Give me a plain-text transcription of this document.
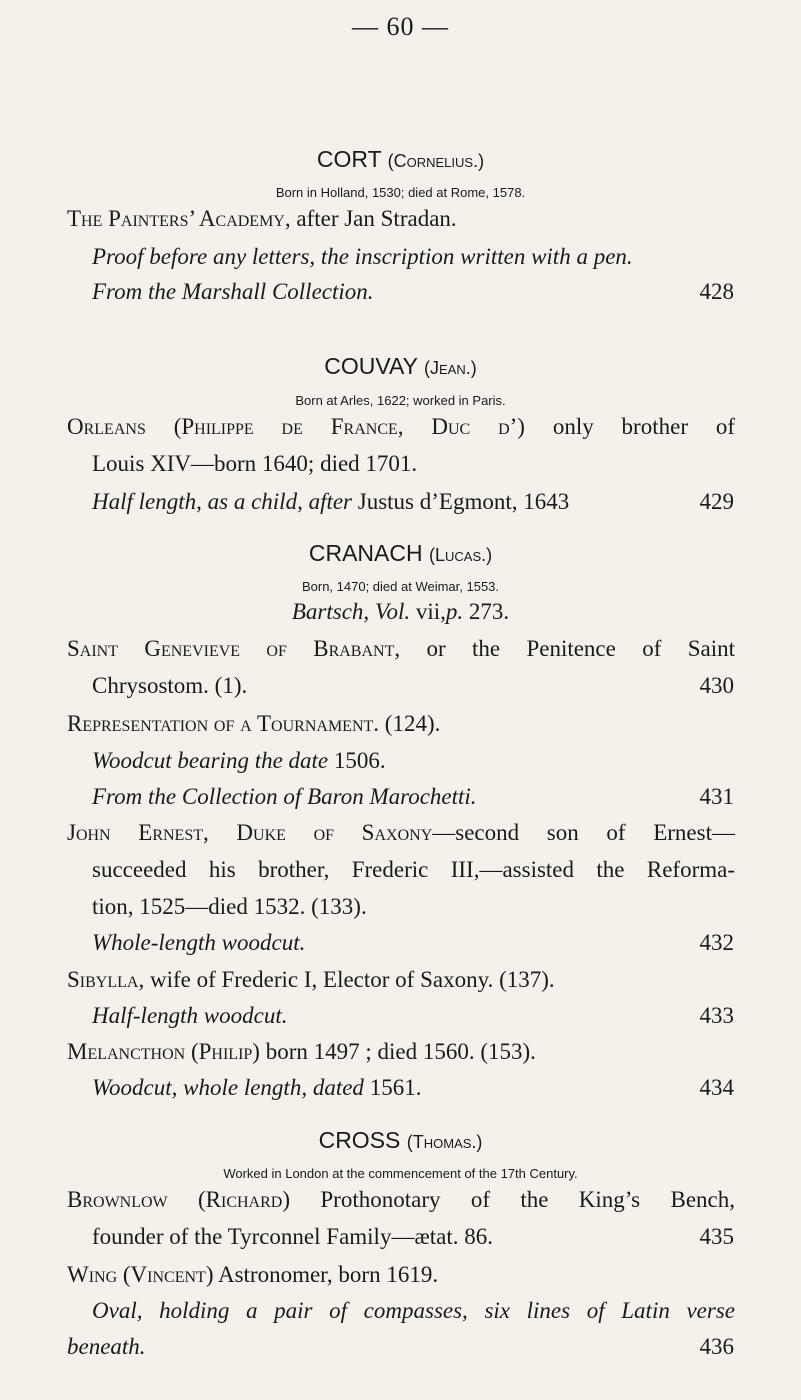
— 60 —
CORT (Cornelius.)
Born in Holland, 1530; died at Rome, 1578.
The Painters’ Academy, after Jan Stradan.
Proof before any letters, the inscription written with a pen.
From the Marshall Collection.	428
COUVAY (Jean.)
Born at Arles, 1622; worked in Paris.
Orleans (Philippe de France, Duc d’) only brother of
Louis XIV—born 1640; died 1701.
Half length, as a child, after Justus d’Egmont, 1643	429
CRANACH (Lucas.)
Born, 1470; died at Weimar, 1553.
Bartsch, Vol. vii,p. 273.
Saint Genevieve of Brabant, or the Penitence of Saint
Chrysostom. (1).	430
Representation of a Tournament. (124).
Woodcut bearing the date 1506.
From the Collection of Baron Marochetti.	431
John Ernest, Duke of Saxony—second son of Ernest—
succeeded his brother, Frederic III,—assisted the Reforma-
tion, 1525—died 1532. (133).
Whole-length woodcut.	432
Sibylla, wife of Frederic I, Elector of Saxony. (137).
Half-length woodcut.	433
Melancthon (Philip) born 1497 ; died 1560. (153).
Woodcut, whole length, dated 1561.	434
CROSS (Thomas.)
Worked in London at the commencement of the 17th Century.
Brownlow (Richard) Prothonotary of the King’s Bench,
founder of the Tyrconnel Family—ætat. 86.	435
Wing (Vincent) Astronomer, born 1619.
Oval, holding a pair of compasses, six lines of Latin verse
beneath.	436
